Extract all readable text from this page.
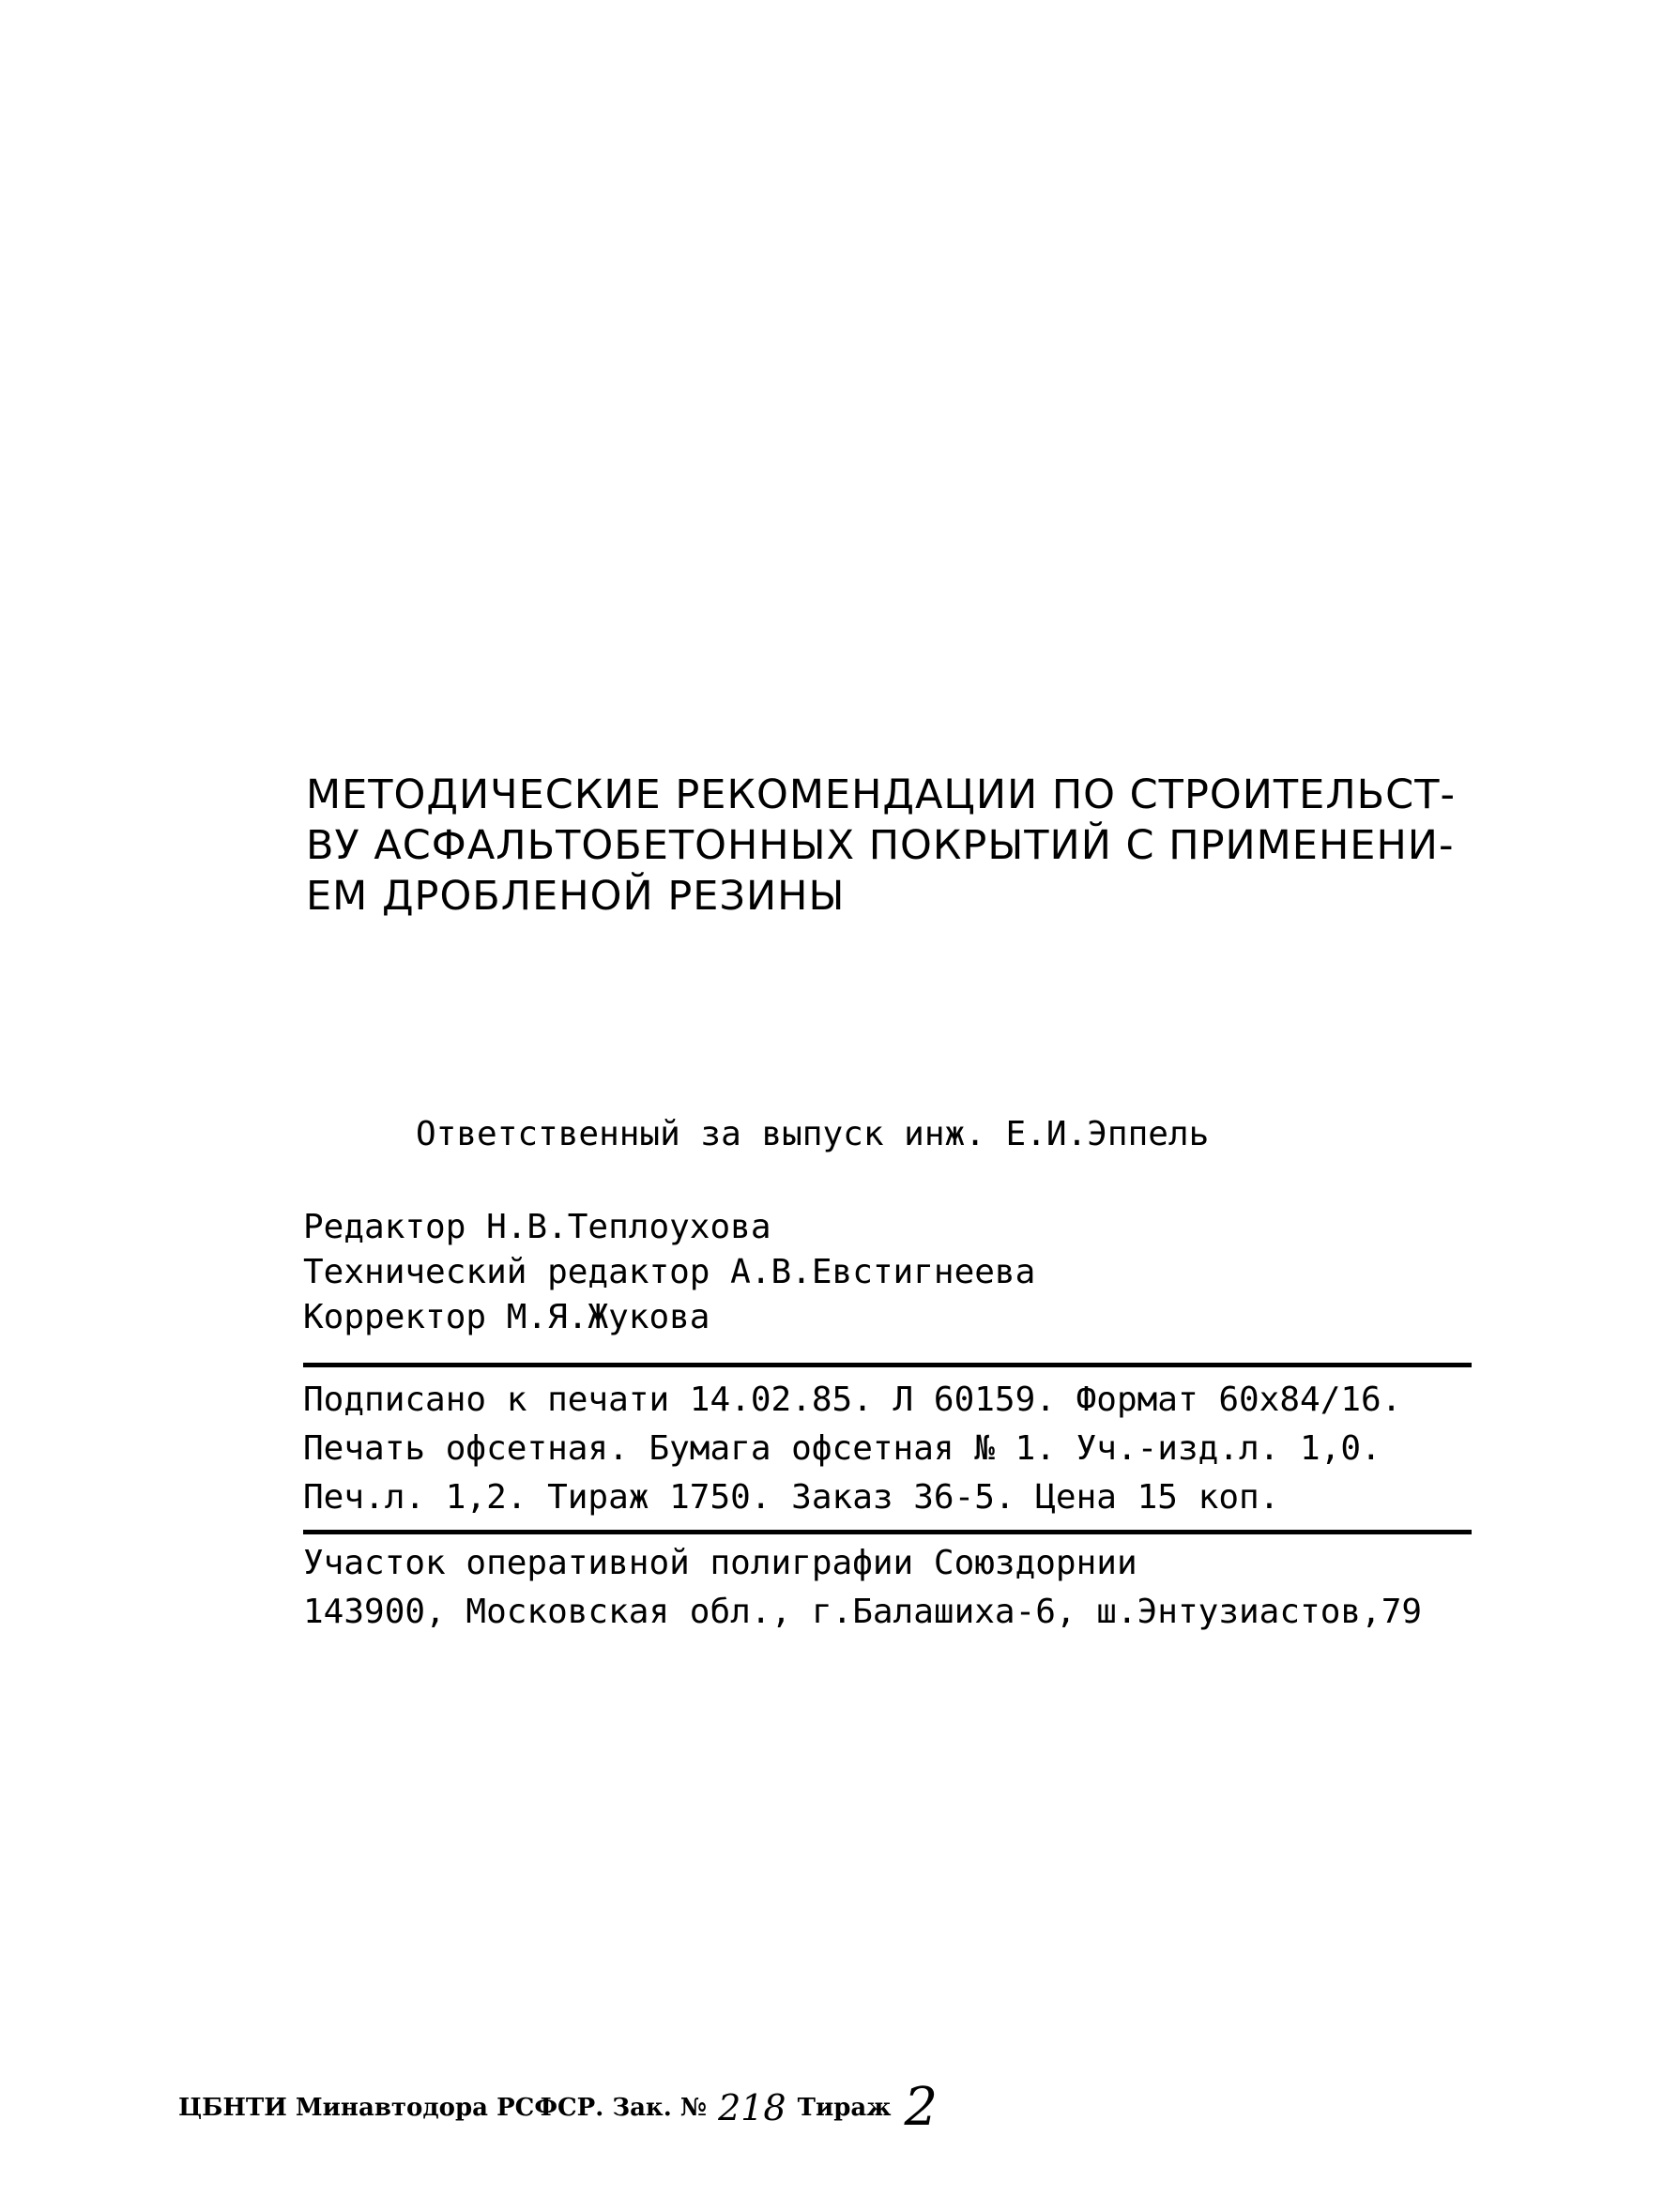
МЕТОДИЧЕСКИЕ РЕКОМЕНДАЦИИ ПО СТРОИТЕЛЬСТ-
ВУ АСФАЛЬТОБЕТОННЫХ ПОКРЫТИЙ С ПРИМЕНЕНИ-
ЕМ ДРОБЛЕНОЙ РЕЗИНЫ
Ответственный за выпуск инж. Е.И.Эппель
Редактор Н.В.Теплоухова
Технический редактор А.В.Евстигнеева
Корректор М.Я.Жукова
Подписано к печати 14.02.85. Л 60159. Формат 60х84/16.
Печать офсетная. Бумага офсетная № 1. Уч.-изд.л. 1,0.
Печ.л. 1,2. Тираж 1750. Заказ 36-5. Цена 15 коп.
Участок оперативной полиграфии Союздорнии
143900, Московская обл., г.Балашиха-6, ш.Энтузиастов,79
ЦБНТИ Минавтодора РСФСР. Зак. № 218 Тираж 2
